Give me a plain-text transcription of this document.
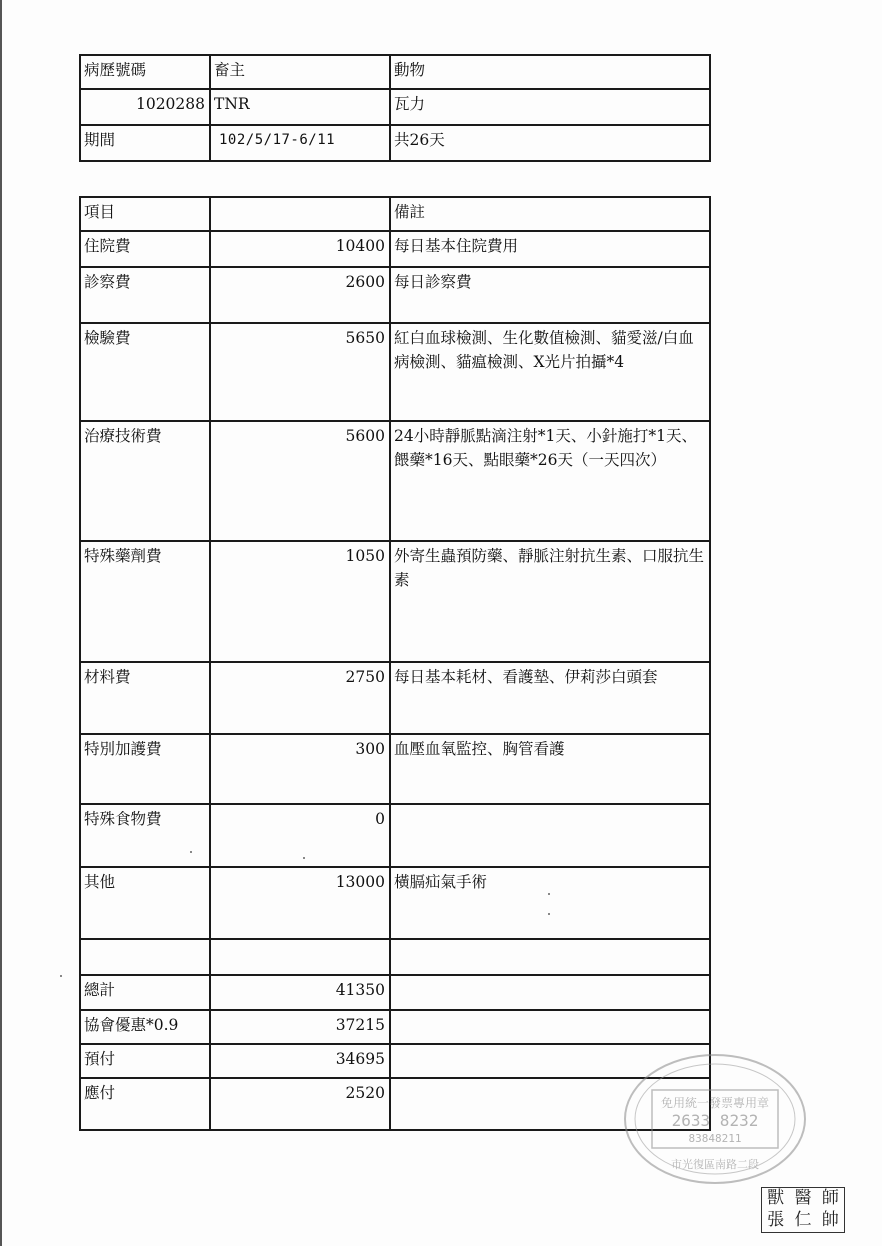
病歷號碼	畜主	動物
1020288	TNR	瓦力
期間	102/5/17-6/11	共26天
項目		備註
住院費	10400	每日基本住院費用
診察費	2600	每日診察費
檢驗費	5650	紅白血球檢測、生化數值檢測、貓愛滋/白血病檢測、貓瘟檢測、X光片拍攝*4
治療技術費	5600	24小時靜脈點滴注射*1天、小針施打*1天、餵藥*16天、點眼藥*26天（一天四次）
特殊藥劑費	1050	外寄生蟲預防藥、靜脈注射抗生素、口服抗生素
材料費	2750	每日基本耗材、看護墊、伊莉莎白頭套
特別加護費	300	血壓血氧監控、胸管看護
特殊食物費	0	
其他	13000	橫膈疝氣手術

總計	41350	
協會優惠*0.9	37215	
預付	34695	
應付	2520	
免用統一發票專用章
2633 8232
83848211
市光復區南路二段
獸 醫 師
張 仁 帥
